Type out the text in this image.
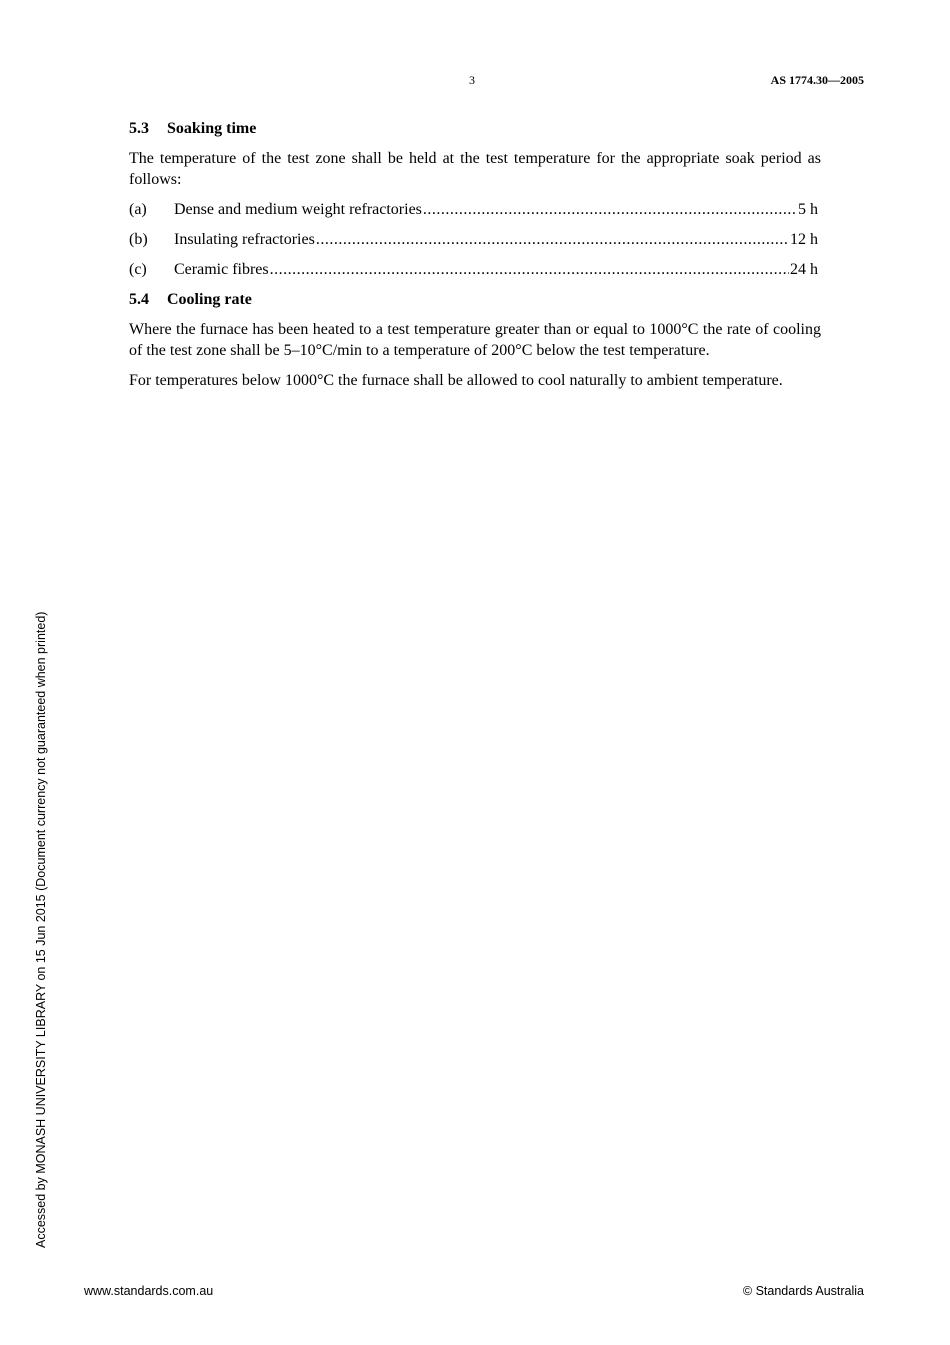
3	AS 1774.30—2005
5.3 Soaking time

The temperature of the test zone shall be held at the test temperature for the appropriate soak period as follows:

(a)	Dense and medium weight refractories .....	5 h
(b)	Insulating refractories .....	12 h
(c)	Ceramic fibres .....	24 h
5.4 Cooling rate

Where the furnace has been heated to a test temperature greater than or equal to 1000°C the rate of cooling of the test zone shall be 5–10°C/min to a temperature of 200°C below the test temperature.

For temperatures below 1000°C the furnace shall be allowed to cool naturally to ambient temperature.

Accessed by MONASH UNIVERSITY LIBRARY on 15 Jun 2015 (Document currency not guaranteed when printed)
www.standards.com.au	© Standards Australia
